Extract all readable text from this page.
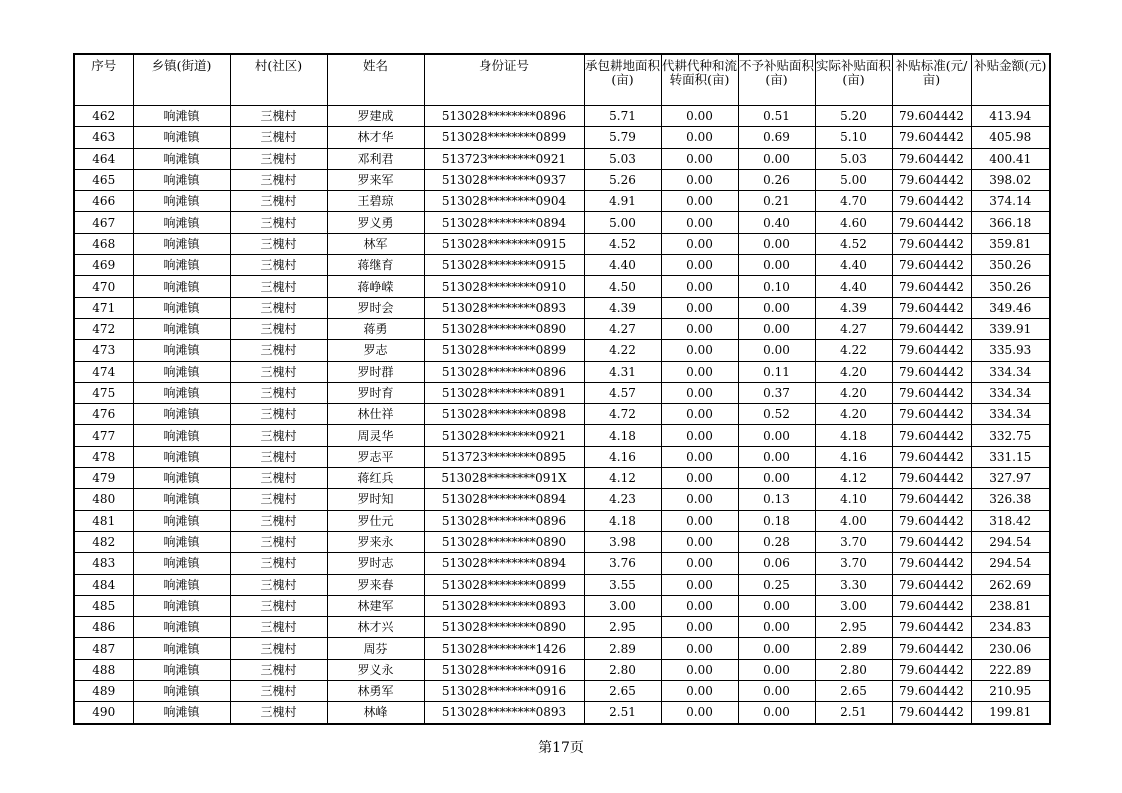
序号	乡镇(街道)	村(社区)	姓名	身份证号	承包耕地面积(亩)	代耕代种和流转面积(亩)	不予补贴面积(亩)	实际补贴面积(亩)	补贴标准(元/亩)	补贴金额(元)
462	响滩镇	三槐村	罗建成	513028********0896	5.71	0.00	0.51	5.20	79.604442	413.94
463	响滩镇	三槐村	林才华	513028********0899	5.79	0.00	0.69	5.10	79.604442	405.98
464	响滩镇	三槐村	邓利君	513723********0921	5.03	0.00	0.00	5.03	79.604442	400.41
465	响滩镇	三槐村	罗来军	513028********0937	5.26	0.00	0.26	5.00	79.604442	398.02
466	响滩镇	三槐村	王碧琼	513028********0904	4.91	0.00	0.21	4.70	79.604442	374.14
467	响滩镇	三槐村	罗义勇	513028********0894	5.00	0.00	0.40	4.60	79.604442	366.18
468	响滩镇	三槐村	林军	513028********0915	4.52	0.00	0.00	4.52	79.604442	359.81
469	响滩镇	三槐村	蒋继育	513028********0915	4.40	0.00	0.00	4.40	79.604442	350.26
470	响滩镇	三槐村	蒋峥嵘	513028********0910	4.50	0.00	0.10	4.40	79.604442	350.26
471	响滩镇	三槐村	罗时会	513028********0893	4.39	0.00	0.00	4.39	79.604442	349.46
472	响滩镇	三槐村	蒋勇	513028********0890	4.27	0.00	0.00	4.27	79.604442	339.91
473	响滩镇	三槐村	罗志	513028********0899	4.22	0.00	0.00	4.22	79.604442	335.93
474	响滩镇	三槐村	罗时群	513028********0896	4.31	0.00	0.11	4.20	79.604442	334.34
475	响滩镇	三槐村	罗时育	513028********0891	4.57	0.00	0.37	4.20	79.604442	334.34
476	响滩镇	三槐村	林仕祥	513028********0898	4.72	0.00	0.52	4.20	79.604442	334.34
477	响滩镇	三槐村	周灵华	513028********0921	4.18	0.00	0.00	4.18	79.604442	332.75
478	响滩镇	三槐村	罗志平	513723********0895	4.16	0.00	0.00	4.16	79.604442	331.15
479	响滩镇	三槐村	蒋红兵	513028********091X	4.12	0.00	0.00	4.12	79.604442	327.97
480	响滩镇	三槐村	罗时知	513028********0894	4.23	0.00	0.13	4.10	79.604442	326.38
481	响滩镇	三槐村	罗仕元	513028********0896	4.18	0.00	0.18	4.00	79.604442	318.42
482	响滩镇	三槐村	罗来永	513028********0890	3.98	0.00	0.28	3.70	79.604442	294.54
483	响滩镇	三槐村	罗时志	513028********0894	3.76	0.00	0.06	3.70	79.604442	294.54
484	响滩镇	三槐村	罗来春	513028********0899	3.55	0.00	0.25	3.30	79.604442	262.69
485	响滩镇	三槐村	林建军	513028********0893	3.00	0.00	0.00	3.00	79.604442	238.81
486	响滩镇	三槐村	林才兴	513028********0890	2.95	0.00	0.00	2.95	79.604442	234.83
487	响滩镇	三槐村	周芬	513028********1426	2.89	0.00	0.00	2.89	79.604442	230.06
488	响滩镇	三槐村	罗义永	513028********0916	2.80	0.00	0.00	2.80	79.604442	222.89
489	响滩镇	三槐村	林勇军	513028********0916	2.65	0.00	0.00	2.65	79.604442	210.95
490	响滩镇	三槐村	林峰	513028********0893	2.51	0.00	0.00	2.51	79.604442	199.81
第17页
